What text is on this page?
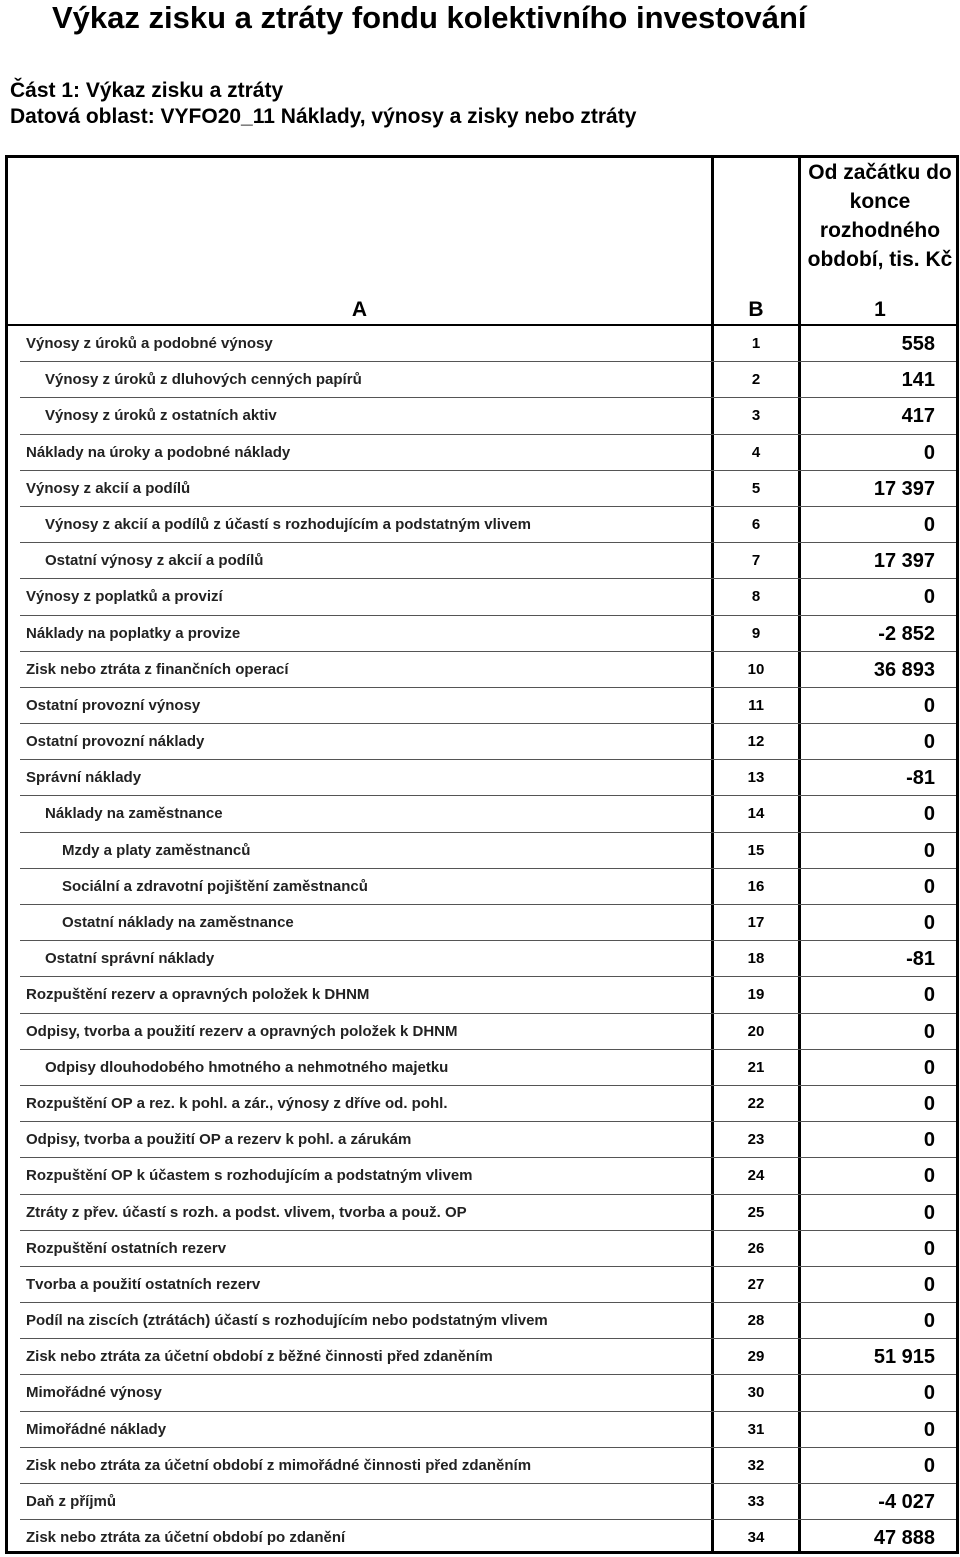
Výkaz zisku a ztráty fondu kolektivního investování
Část 1: Výkaz zisku a ztráty
Datová oblast: VYFO20_11 Náklady, výnosy a zisky nebo ztráty
Od začátku do konce rozhodného období, tis. Kč
A	B	1
Výnosy z úroků a podobné výnosy	1	558
Výnosy z úroků z dluhových cenných papírů	2	141
Výnosy z úroků z ostatních aktiv	3	417
Náklady na úroky a podobné náklady	4	0
Výnosy z akcií a podílů	5	17 397
Výnosy z akcií a podílů z účastí s rozhodujícím a podstatným vlivem	6	0
Ostatní výnosy z akcií a podílů	7	17 397
Výnosy z poplatků a provizí	8	0
Náklady na poplatky a provize	9	-2 852
Zisk nebo ztráta z finančních operací	10	36 893
Ostatní provozní výnosy	11	0
Ostatní provozní náklady	12	0
Správní náklady	13	-81
Náklady na zaměstnance	14	0
Mzdy a platy zaměstnanců	15	0
Sociální a zdravotní pojištění zaměstnanců	16	0
Ostatní náklady na zaměstnance	17	0
Ostatní správní náklady	18	-81
Rozpuštění rezerv a opravných položek k DHNM	19	0
Odpisy, tvorba a použití rezerv a opravných položek k DHNM	20	0
Odpisy dlouhodobého hmotného a nehmotného majetku	21	0
Rozpuštění OP a rez. k pohl. a zár., výnosy z dříve od. pohl.	22	0
Odpisy, tvorba a použití OP a rezerv k pohl. a zárukám	23	0
Rozpuštění OP k účastem s rozhodujícím a podstatným vlivem	24	0
Ztráty z přev. účastí s rozh. a podst. vlivem, tvorba a použ. OP	25	0
Rozpuštění ostatních rezerv	26	0
Tvorba a použití ostatních rezerv	27	0
Podíl na ziscích (ztrátách) účastí s rozhodujícím nebo podstatným vlivem	28	0
Zisk nebo ztráta za účetní období z běžné činnosti před zdaněním	29	51 915
Mimořádné výnosy	30	0
Mimořádné náklady	31	0
Zisk nebo ztráta za účetní období z mimořádné činnosti před zdaněním	32	0
Daň z příjmů	33	-4 027
Zisk nebo ztráta za účetní období po zdanění	34	47 888
